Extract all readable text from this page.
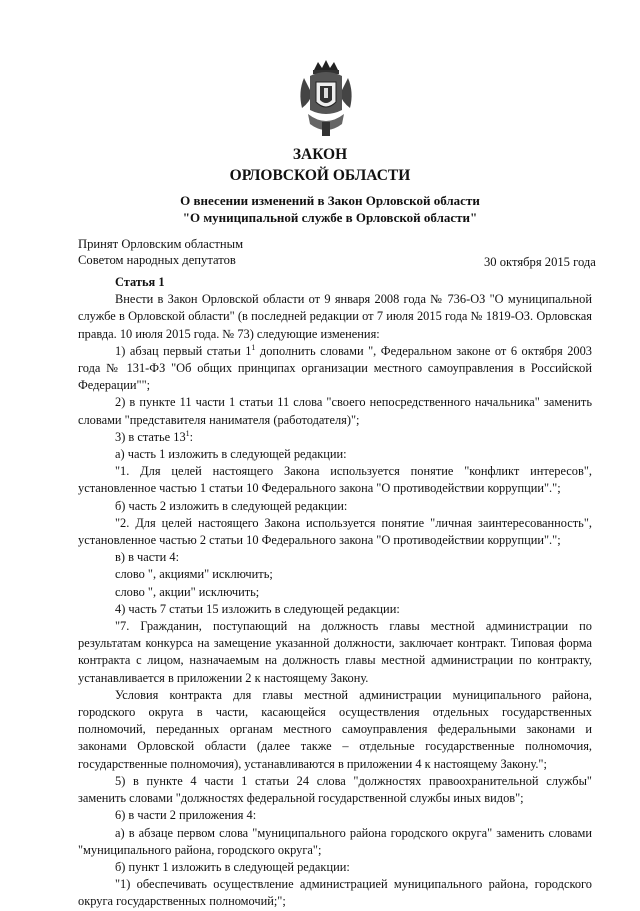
ЗАКОН
ОРЛОВСКОЙ ОБЛАСТИ
О внесении изменений в Закон Орловской области
"О муниципальной службе в Орловской области"
Принят Орловским областным
Советом народных депутатов	30 октября 2015 года

Статья 1

Внести в Закон Орловской области от 9 января 2008 года № 736-ОЗ "О муниципальной службе в Орловской области" (в последней редакции от 7 июля 2015 года № 1819-ОЗ. Орловская правда. 10 июля 2015 года. № 73) следующие изменения:

1) абзац первый статьи $1^1$ дополнить словами ", Федеральном законе от 6 октября 2003 года № 131-ФЗ "Об общих принципах организации местного самоуправления в Российской Федерации"";

2) в пункте 11 части 1 статьи 11 слова "своего непосредственного начальника" заменить словами "представителя нанимателя (работодателя)";

3) в статье $13^1$:

а) часть 1 изложить в следующей редакции:

"1. Для целей настоящего Закона используется понятие "конфликт интересов", установленное частью 1 статьи 10 Федерального закона "О противодействии коррупции".";

б) часть 2 изложить в следующей редакции:

"2. Для целей настоящего Закона используется понятие "личная заинтересованность", установленное частью 2 статьи 10 Федерального закона "О противодействии коррупции".";

в) в части 4:

слово ", акциями" исключить;

слово ", акции" исключить;

4) часть 7 статьи 15 изложить в следующей редакции:

"7. Гражданин, поступающий на должность главы местной администрации по результатам конкурса на замещение указанной должности, заключает контракт. Типовая форма контракта с лицом, назначаемым на должность главы местной администрации по контракту, устанавливается в приложении 2 к настоящему Закону.

Условия контракта для главы местной администрации муниципального района, городского округа в части, касающейся осуществления отдельных государственных полномочий, переданных органам местного самоуправления федеральными законами и законами Орловской области (далее также – отдельные государственные полномочия, государственные полномочия), устанавливаются в приложении 4 к настоящему Закону.";

5) в пункте 4 части 1 статьи 24 слова "должностях правоохранительной службы" заменить словами "должностях федеральной государственной службы иных видов";

6) в части 2 приложения 4:

а) в абзаце первом слова "муниципального района городского округа" заменить словами "муниципального района, городского округа";

б) пункт 1 изложить в следующей редакции:

"1) обеспечивать осуществление администрацией муниципального района, городского округа государственных полномочий;";
